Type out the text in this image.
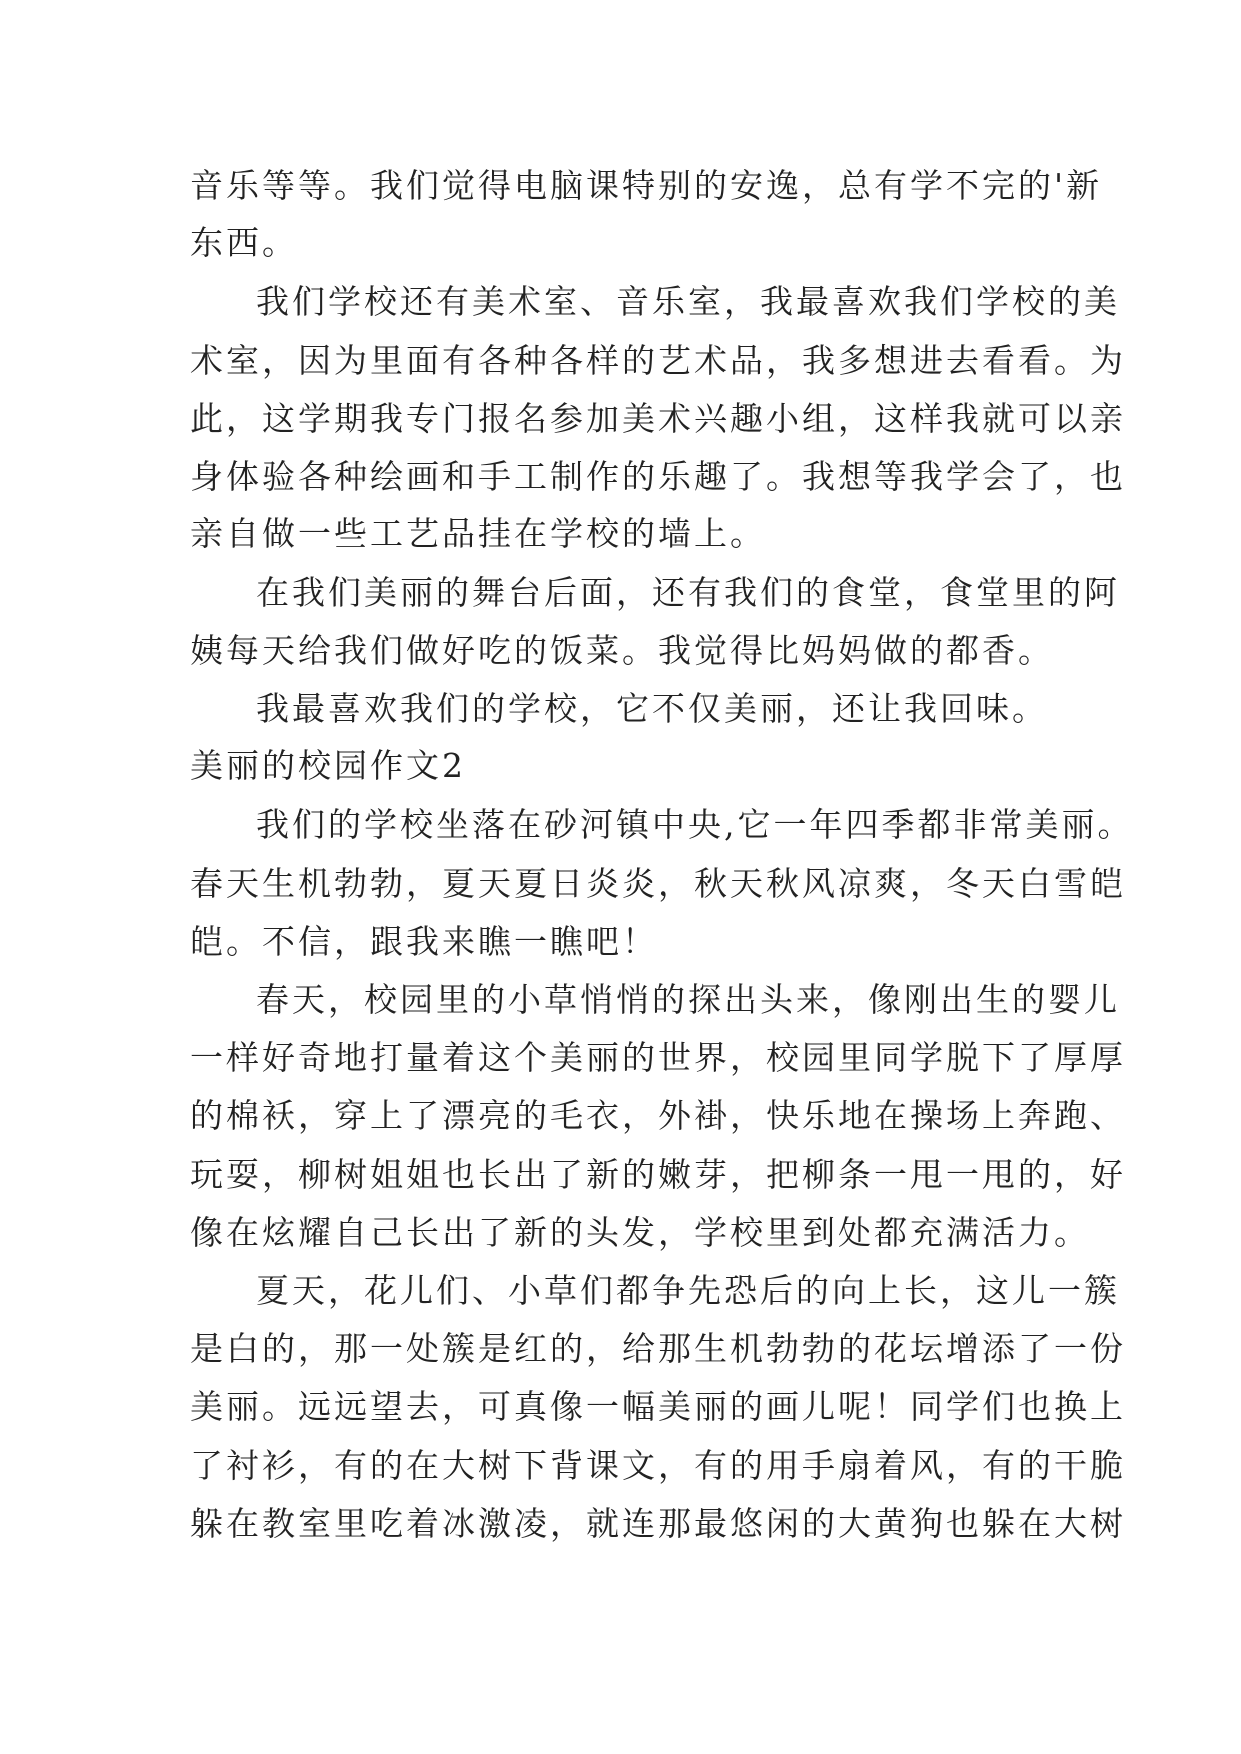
音乐等等。我们觉得电脑课特别的安逸，总有学不完的'新
东西。
我们学校还有美术室、音乐室，我最喜欢我们学校的美
术室，因为里面有各种各样的艺术品，我多想进去看看。为
此，这学期我专门报名参加美术兴趣小组，这样我就可以亲
身体验各种绘画和手工制作的乐趣了。我想等我学会了，也
亲自做一些工艺品挂在学校的墙上。
在我们美丽的舞台后面，还有我们的食堂，食堂里的阿
姨每天给我们做好吃的饭菜。我觉得比妈妈做的都香。
我最喜欢我们的学校，它不仅美丽，还让我回味。
美丽的校园作文2
我们的学校坐落在砂河镇中央,它一年四季都非常美丽。
春天生机勃勃，夏天夏日炎炎，秋天秋风凉爽，冬天白雪皑
皑。不信，跟我来瞧一瞧吧！
春天，校园里的小草悄悄的探出头来，像刚出生的婴儿
一样好奇地打量着这个美丽的世界，校园里同学脱下了厚厚
的棉袄，穿上了漂亮的毛衣，外褂，快乐地在操场上奔跑、
玩耍，柳树姐姐也长出了新的嫩芽，把柳条一甩一甩的，好
像在炫耀自己长出了新的头发，学校里到处都充满活力。
夏天，花儿们、小草们都争先恐后的向上长，这儿一簇
是白的，那一处簇是红的，给那生机勃勃的花坛增添了一份
美丽。远远望去，可真像一幅美丽的画儿呢！同学们也换上
了衬衫，有的在大树下背课文，有的用手扇着风，有的干脆
躲在教室里吃着冰激凌，就连那最悠闲的大黄狗也躲在大树
